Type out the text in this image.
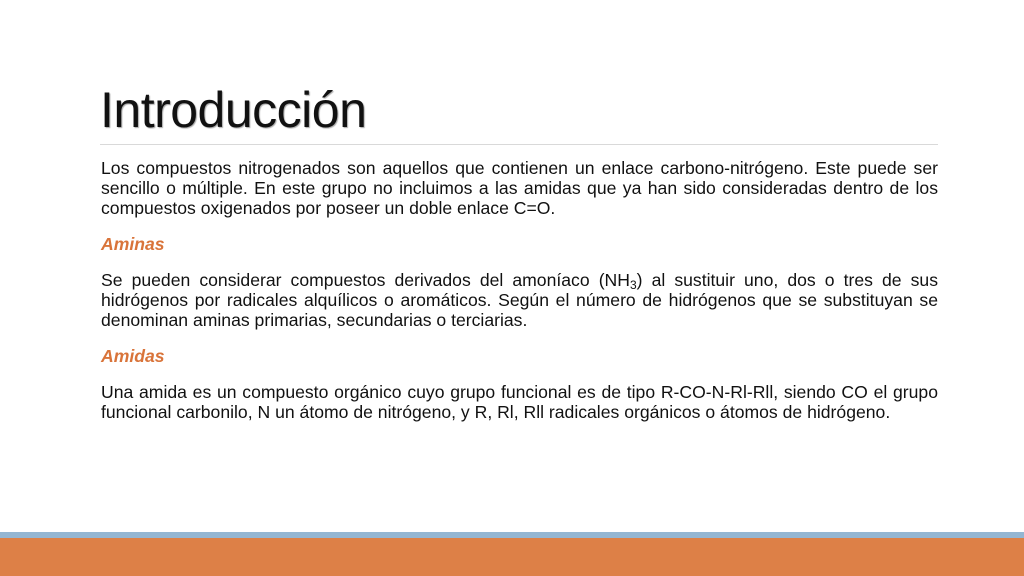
Introducción

Los compuestos nitrogenados son aquellos que contienen un enlace carbono-nitrógeno. Este puede ser sencillo o múltiple. En este grupo no incluimos a las amidas que ya han sido consideradas dentro de los compuestos oxigenados por poseer un doble enlace C=O.

Aminas

Se pueden considerar compuestos derivados del amoníaco $(NH_3)$ al sustituir uno, dos o tres de sus hidrógenos por radicales alquílicos o aromáticos. Según el número de hidrógenos que se substituyan se denominan aminas primarias, secundarias o terciarias.

Amidas

Una amida es un compuesto orgánico cuyo grupo funcional es de tipo R-CO-N-Rl-Rll, siendo CO el grupo funcional carbonilo, N un átomo de nitrógeno, y R, Rl, Rll radicales orgánicos o átomos de hidrógeno.
